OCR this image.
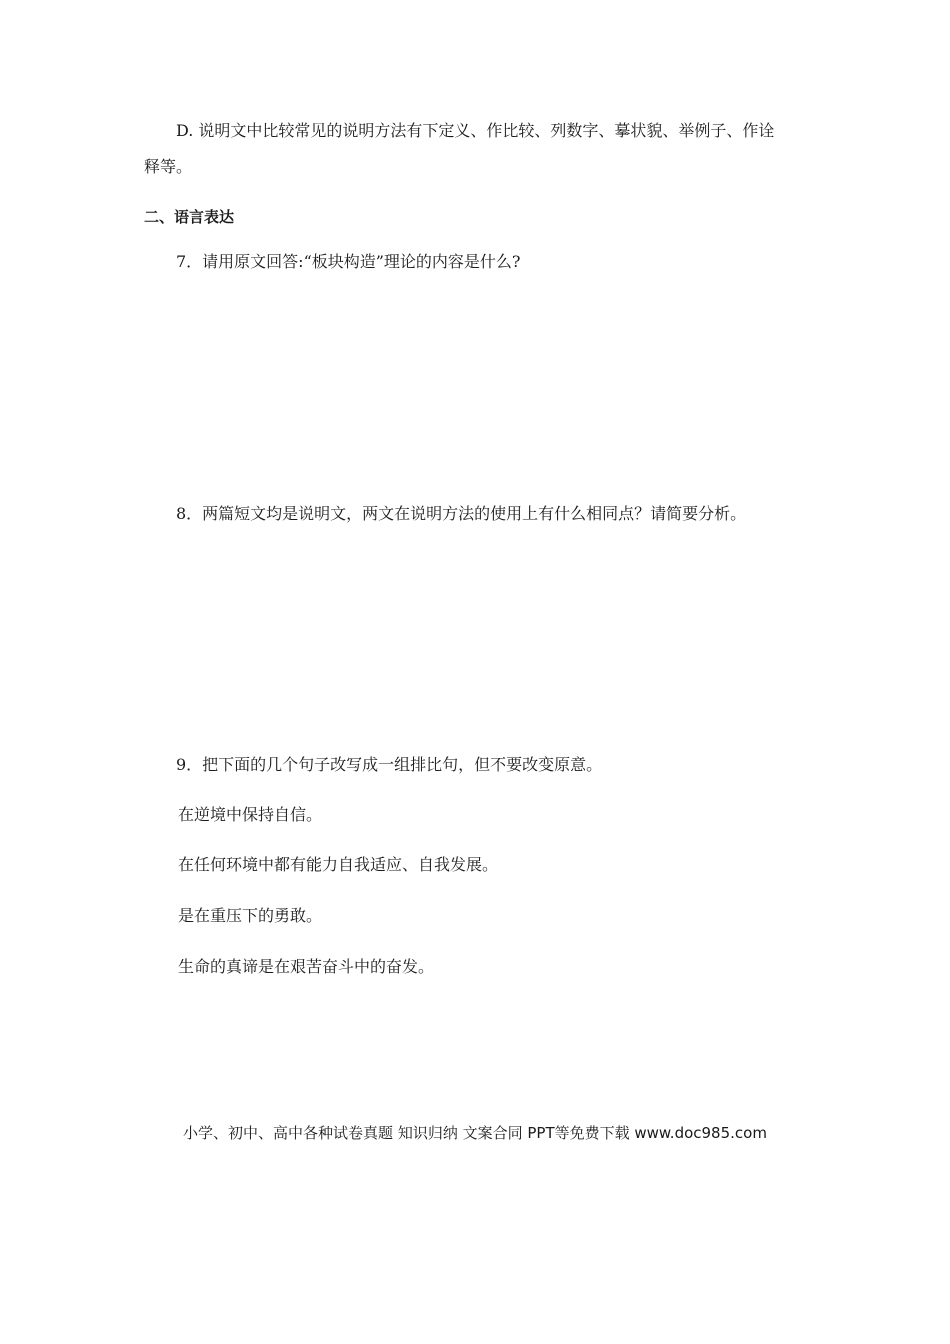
D. 说明文中比较常见的说明方法有下定义、作比较、列数字、摹状貌、举例子、作诠
释等。
二、语言表达
7．请用原文回答:“板块构造”理论的内容是什么?
8．两篇短文均是说明文，两文在说明方法的使用上有什么相同点？请简要分析。
9．把下面的几个句子改写成一组排比句，但不要改变原意。
在逆境中保持自信。
在任何环境中都有能力自我适应、自我发展。
是在重压下的勇敢。
生命的真谛是在艰苦奋斗中的奋发。
小学、初中、高中各种试卷真题 知识归纳 文案合同 PPT等免费下载 www.doc985.com
